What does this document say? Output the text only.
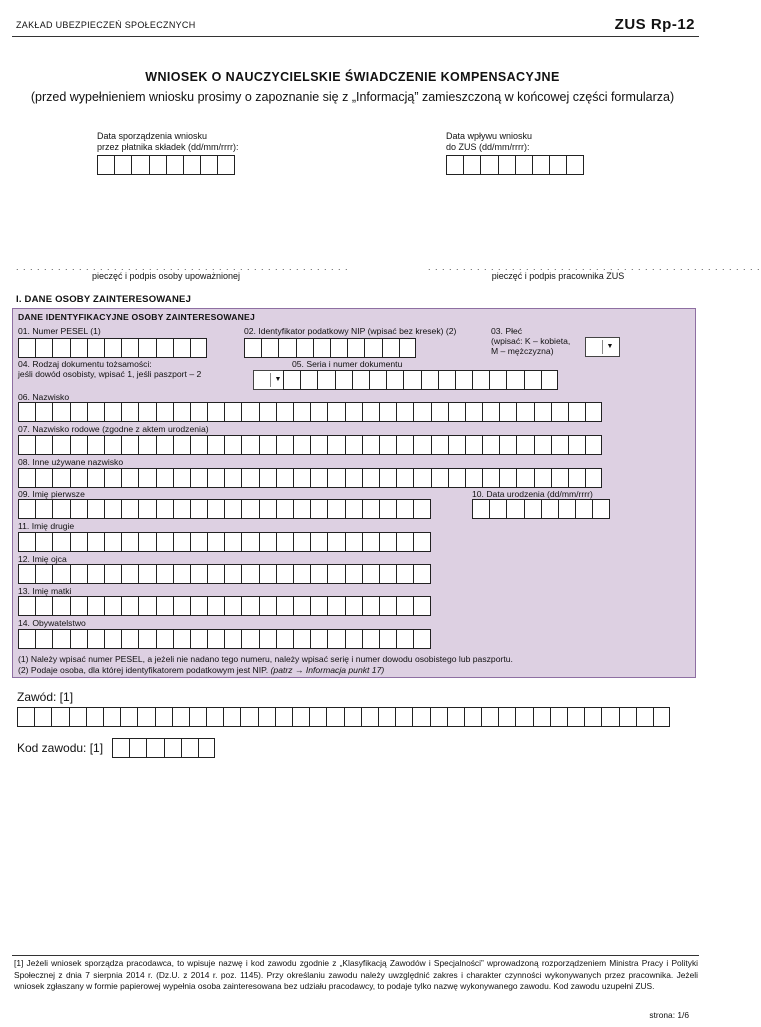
ZAKŁAD UBEZPIECZEŃ SPOŁECZNYCH	ZUS Rp-12
WNIOSEK O NAUCZYCIELSKIE ŚWIADCZENIE KOMPENSACYJNE
(przed wypełnieniem wniosku prosimy o zapoznanie się z „Informacją” zamieszczoną w końcowej części formularza)
Data sporządzenia wniosku
przez płatnika składek (dd/mm/rrrr):
Data wpływu wniosku
do ZUS (dd/mm/rrrr):
. . . . . . . . . . . . . . . . . . . . . . . . . . . . . . . . . . . . . . . . . . . . . . . .
pieczęć i podpis osoby upoważnionej
. . . . . . . . . . . . . . . . . . . . . . . . . . . . . . . . . . . . . . . . . . . . . . . .
pieczęć i podpis pracownika ZUS
I. DANE OSOBY ZAINTERESOWANEJ
DANE IDENTYFIKACYJNE OSOBY ZAINTERESOWANEJ
01. Numer PESEL (1)	02. Identyfikator podatkowy NIP (wpisać bez kresek) (2)	03. Płeć
(wpisać: K – kobieta,
M – mężczyzna)	▼
04. Rodzaj dokumentu tożsamości:
jeśli dowód osobisty, wpisać 1, jeśli paszport – 2
▼
05. Seria i numer dokumentu
06. Nazwisko
07. Nazwisko rodowe (zgodne z aktem urodzenia)
08. Inne używane nazwisko
09. Imię pierwsze	10. Data urodzenia (dd/mm/rrrr)
11. Imię drugie
12. Imię ojca
13. Imię matki
14. Obywatelstwo
(1) Należy wpisać numer PESEL, a jeżeli nie nadano tego numeru, należy wpisać serię i numer dowodu osobistego lub paszportu.
(2) Podaje osoba, dla której identyfikatorem podatkowym jest NIP. (patrz → Informacja punkt 17)
Zawód: [1]
Kod zawodu: [1]
[1] Jeżeli wniosek sporządza pracodawca, to wpisuje nazwę i kod zawodu zgodnie z „Klasyfikacją Zawodów i Specjalności” wprowadzoną rozporządzeniem Ministra Pracy i Polityki Społecznej z dnia 7 sierpnia 2014 r. (Dz.U. z 2014 r. poz. 1145). Przy określaniu zawodu należy uwzględnić zakres i charakter czynności wykonywanych przez pracownika. Jeżeli wniosek zgłaszany w formie papierowej wypełnia osoba zainteresowana bez udziału pracodawcy, to podaje tylko nazwę wykonywanego zawodu. Kod zawodu uzupełni ZUS.
strona: 1/6
